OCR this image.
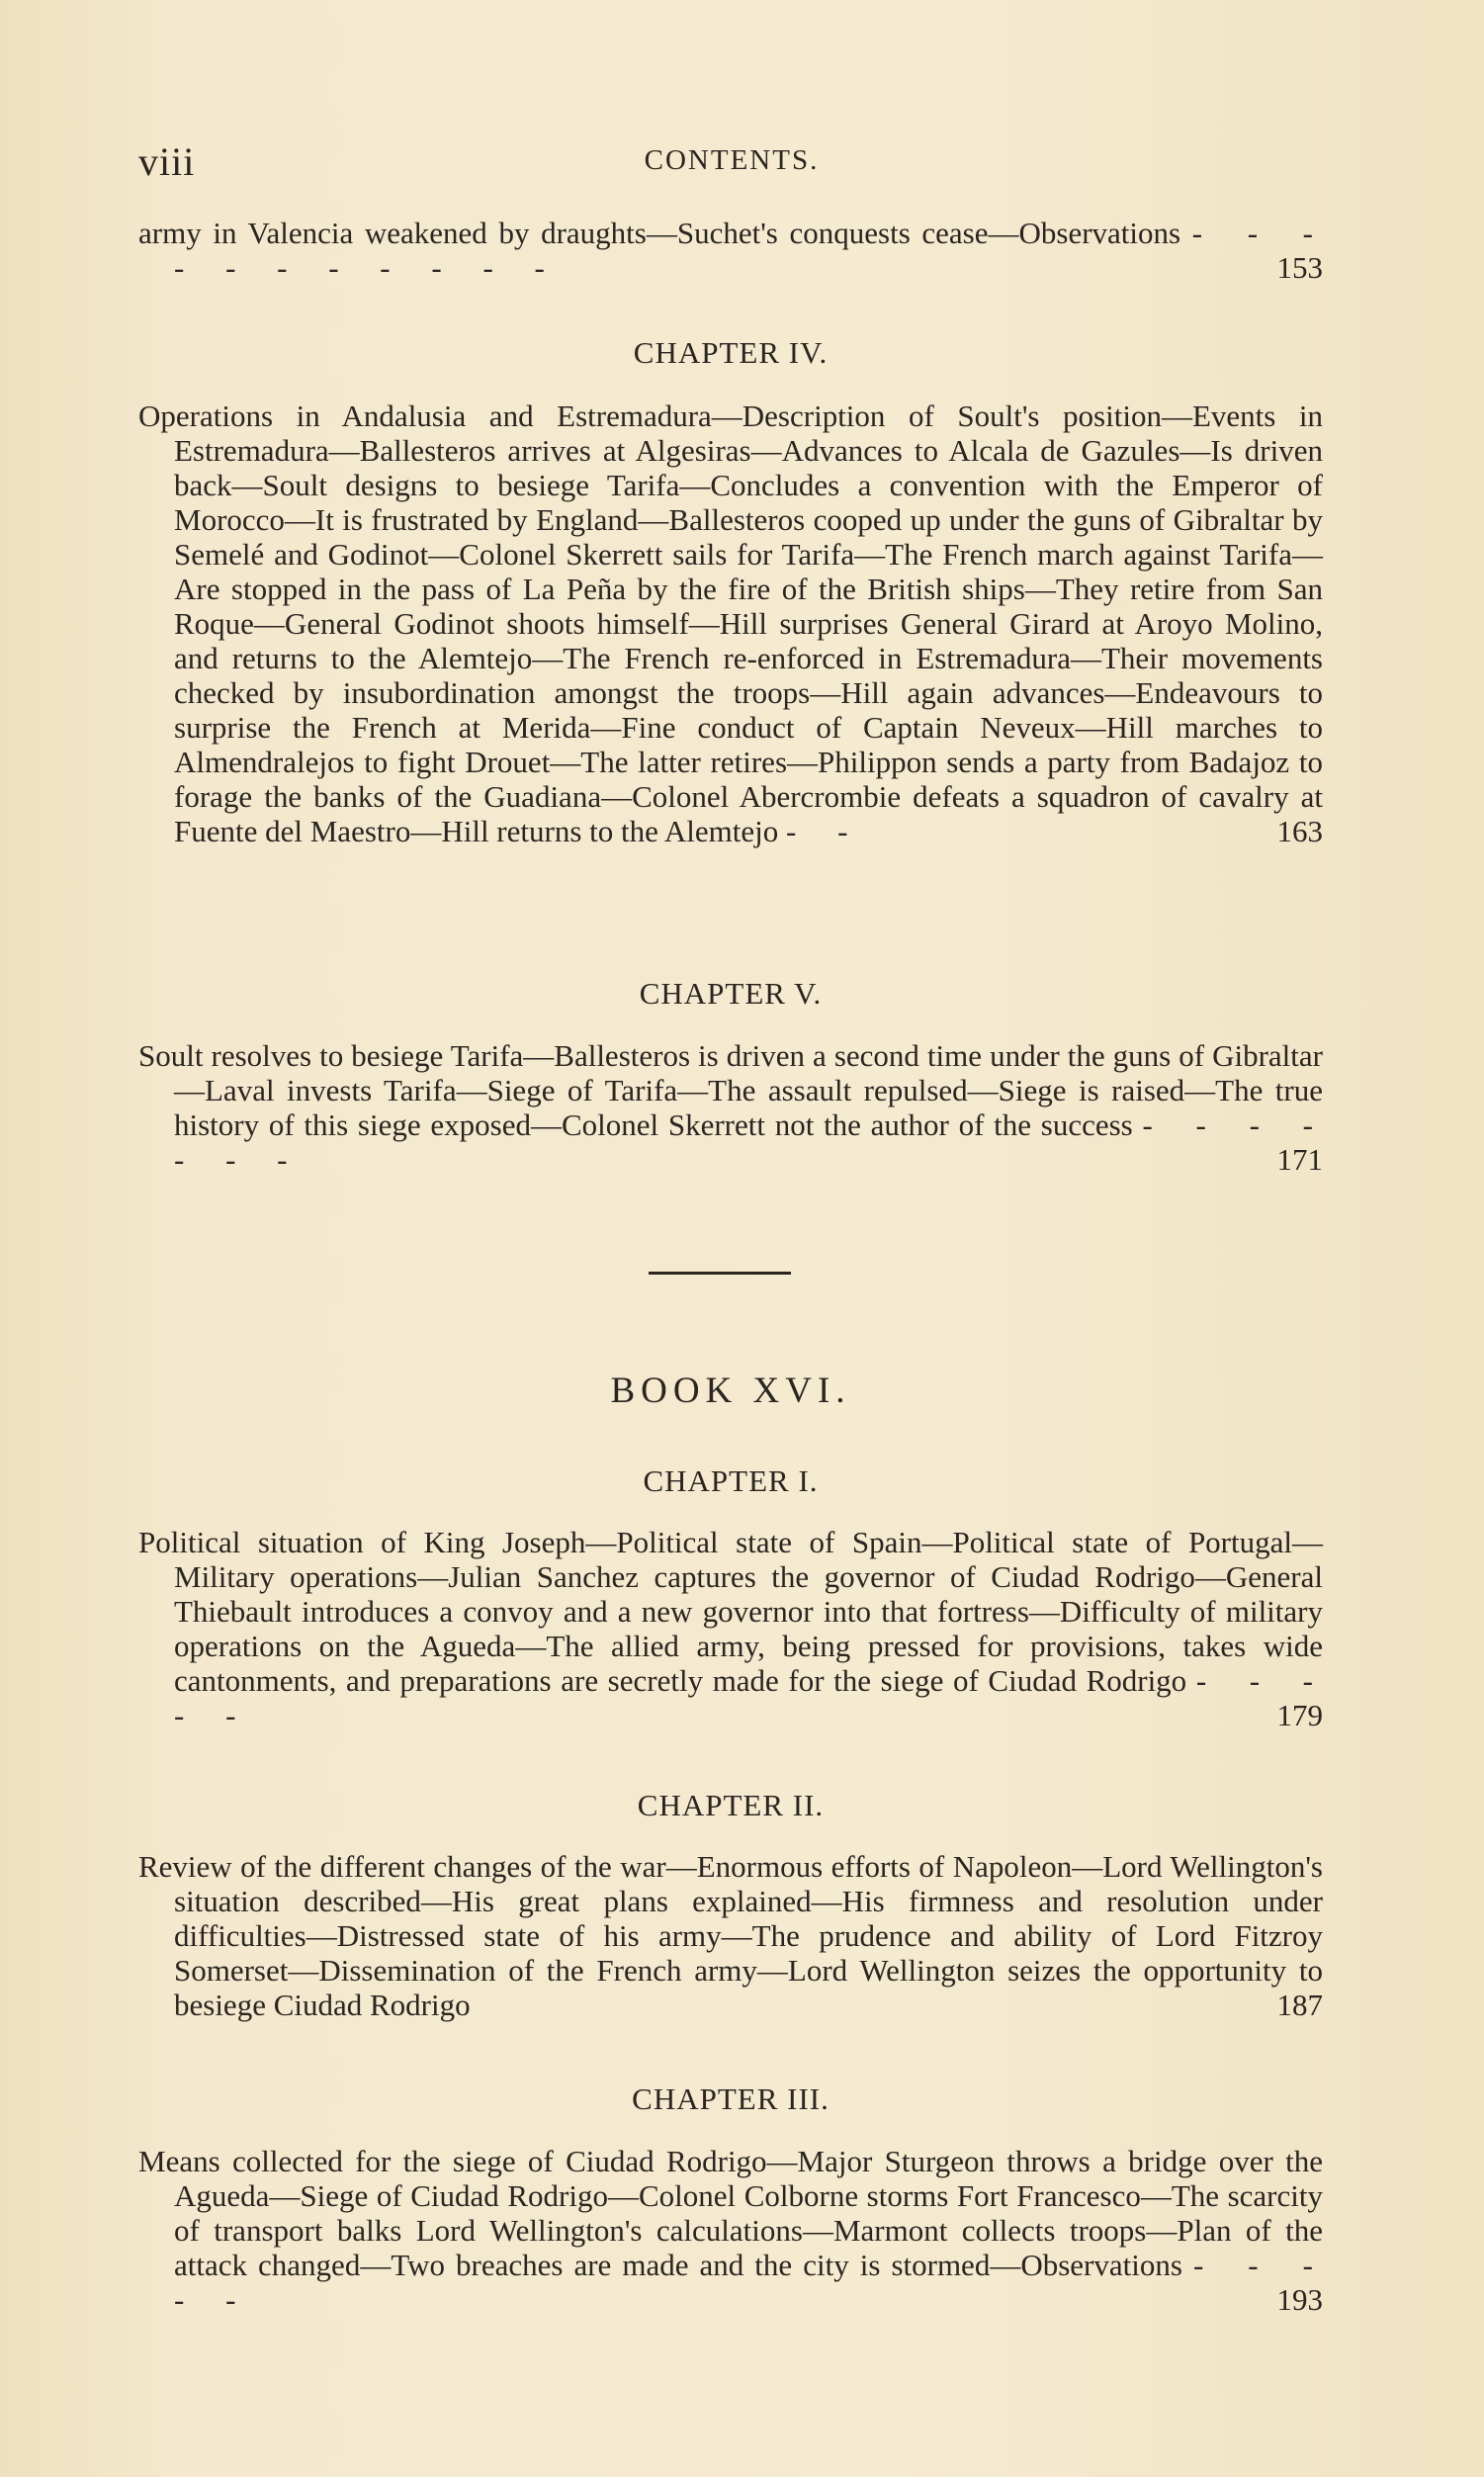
viii	CONTENTS.

army in Valencia weakened by draughts—Suchet's conquests cease—Observations - - - - - - - - - - -	153

CHAPTER IV.

Operations in Andalusia and Estremadura—Description of Soult's position—Events in Estremadura—Ballesteros arrives at Algesiras—Advances to Alcala de Gazules—Is driven back—Soult designs to besiege Tarifa—Concludes a convention with the Emperor of Morocco—It is frustrated by England—Ballesteros cooped up under the guns of Gibraltar by Semelé and Godinot—Colonel Skerrett sails for Tarifa—The French march against Tarifa—Are stopped in the pass of La Peña by the fire of the British ships—They retire from San Roque—General Godinot shoots himself—Hill surprises General Girard at Aroyo Molino, and returns to the Alemtejo—The French re-enforced in Estremadura—Their movements checked by insubordination amongst the troops—Hill again advances—Endeavours to surprise the French at Merida—Fine conduct of Captain Neveux—Hill marches to Almendralejos to fight Drouet—The latter retires—Philippon sends a party from Badajoz to forage the banks of the Guadiana—Colonel Abercrombie defeats a squadron of cavalry at Fuente del Maestro—Hill returns to the Alemtejo - -	163

CHAPTER V.

Soult resolves to besiege Tarifa—Ballesteros is driven a second time under the guns of Gibraltar—Laval invests Tarifa—Siege of Tarifa—The assault repulsed—Siege is raised—The true history of this siege exposed—Colonel Skerrett not the author of the success - - - - - - -	171

BOOK XVI.
CHAPTER I.

Political situation of King Joseph—Political state of Spain—Political state of Portugal—Military operations—Julian Sanchez captures the governor of Ciudad Rodrigo—General Thiebault introduces a convoy and a new governor into that fortress—Difficulty of military operations on the Agueda—The allied army, being pressed for provisions, takes wide cantonments, and preparations are secretly made for the siege of Ciudad Rodrigo - - - - -	179

CHAPTER II.

Review of the different changes of the war—Enormous efforts of Napoleon—Lord Wellington's situation described—His great plans explained—His firmness and resolution under difficulties—Distressed state of his army—The prudence and ability of Lord Fitzroy Somerset—Dissemination of the French army—Lord Wellington seizes the opportunity to besiege Ciudad Rodrigo	187

CHAPTER III.

Means collected for the siege of Ciudad Rodrigo—Major Sturgeon throws a bridge over the Agueda—Siege of Ciudad Rodrigo—Colonel Colborne storms Fort Francesco—The scarcity of transport balks Lord Wellington's calculations—Marmont collects troops—Plan of the attack changed—Two breaches are made and the city is stormed—Observations - - - - -	193
